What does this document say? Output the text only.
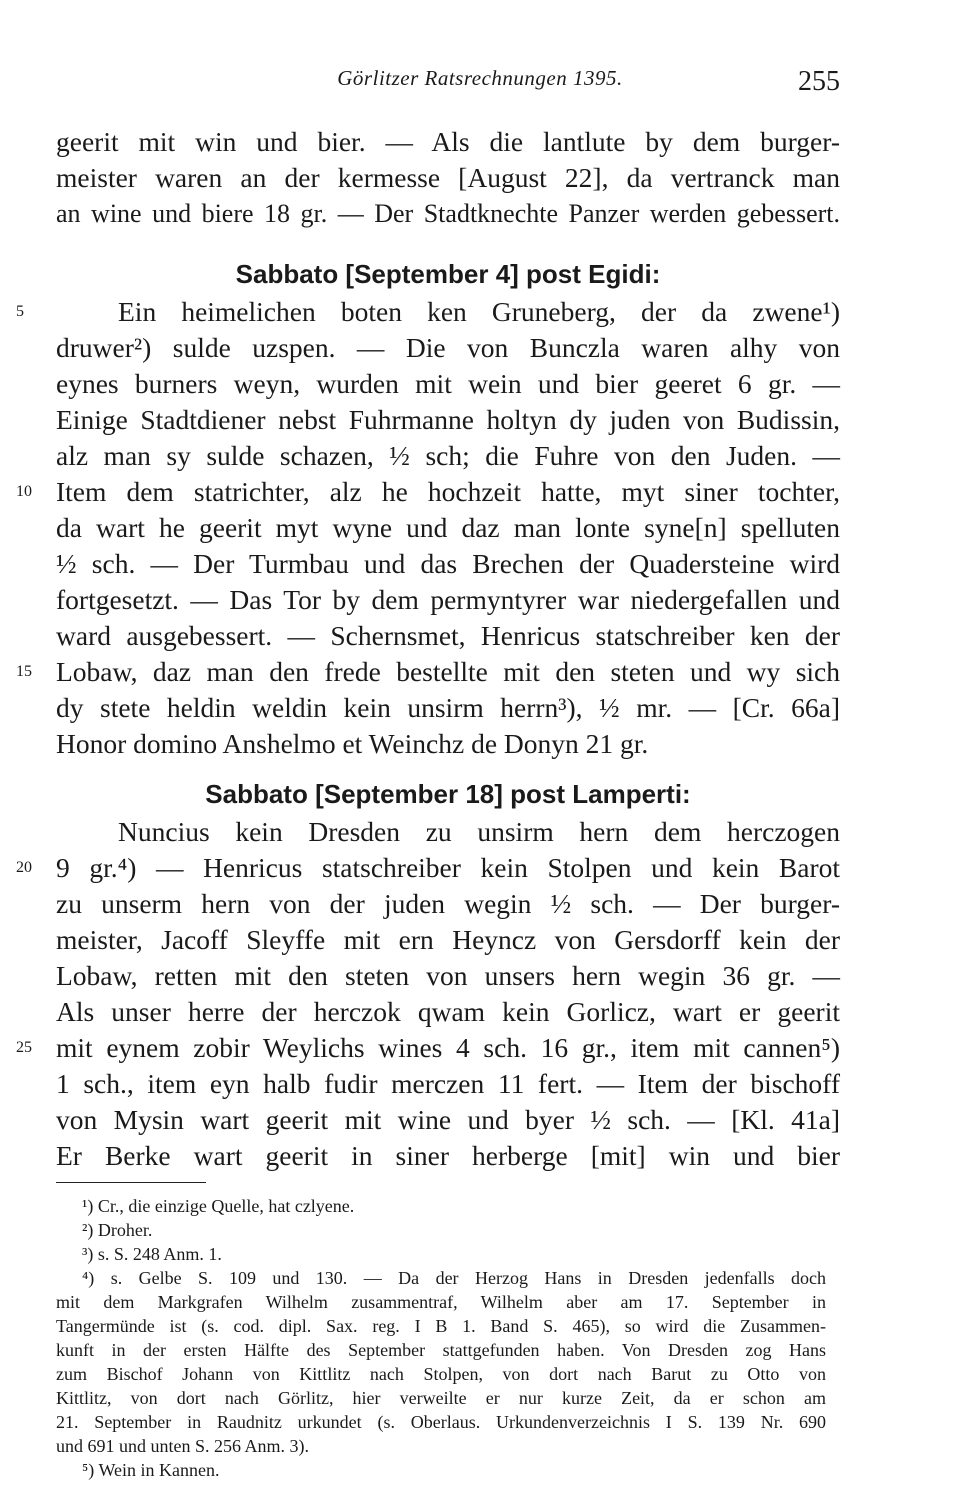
Görlitzer Ratsrechnungen 1395.	255

geerit mit win und bier. — Als die lantlute by dem burger-

meister waren an der kermesse [August 22], da vertranck man

an wine und biere 18 gr. — Der Stadtknechte Panzer werden gebessert.

Sabbato [September 4] post Egidi:

5	Ein heimelichen boten ken Gruneberg, der da zwene¹)

druwer²) sulde uzspen. — Die von Bunczla waren alhy von

eynes burners weyn, wurden mit wein und bier geeret 6 gr. —

Einige Stadtdiener nebst Fuhrmanne holtyn dy juden von Budissin,

alz man sy sulde schazen, ½ sch; die Fuhre von den Juden. —

10 Item dem statrichter, alz he hochzeit hatte, myt siner tochter,

da wart he geerit myt wyne und daz man lonte syne[n] spelluten

½ sch. — Der Turmbau und das Brechen der Quadersteine wird

fortgesetzt. — Das Tor by dem permyntyrer war niedergefallen und

ward ausgebessert. — Schernsmet, Henricus statschreiber ken der

15 Lobaw, daz man den frede bestellte mit den steten und wy sich

dy stete heldin weldin kein unsirm herrn³), ½ mr. — [Cr. 66a]

Honor domino Anshelmo et Weinchz de Donyn 21 gr.

Sabbato [September 18] post Lamperti:

Nuncius kein Dresden zu unsirm hern dem herczogen

20 9 gr.⁴) — Henricus statschreiber kein Stolpen und kein Barot

zu unserm hern von der juden wegin ½ sch. — Der burger-

meister, Jacoff Sleyffe mit ern Heyncz von Gersdorff kein der

Lobaw, retten mit den steten von unsers hern wegin 36 gr. —

Als unser herre der herczok qwam kein Gorlicz, wart er geerit

25 mit eynem zobir Weylichs wines 4 sch. 16 gr., item mit cannen⁵)

1 sch., item eyn halb fudir merczen 11 fert. — Item der bischoff

von Mysin wart geerit mit wine und byer ½ sch. — [Kl. 41a]

Er Berke wart geerit in siner herberge [mit] win und bier

¹) Cr., die einzige Quelle, hat czlyene.

²) Droher.

³) s. S. 248 Anm. 1.

⁴) s. Gelbe S. 109 und 130. — Da der Herzog Hans in Dresden jedenfalls doch

mit dem Markgrafen Wilhelm zusammentraf, Wilhelm aber am 17. September in

Tangermünde ist (s. cod. dipl. Sax. reg. I B 1. Band S. 465), so wird die Zusammen-

kunft in der ersten Hälfte des September stattgefunden haben. Von Dresden zog Hans

zum Bischof Johann von Kittlitz nach Stolpen, von dort nach Barut zu Otto von

Kittlitz, von dort nach Görlitz, hier verweilte er nur kurze Zeit, da er schon am

21. September in Raudnitz urkundet (s. Oberlaus. Urkundenverzeichnis I S. 139 Nr. 690

und 691 und unten S. 256 Anm. 3).

⁵) Wein in Kannen.
